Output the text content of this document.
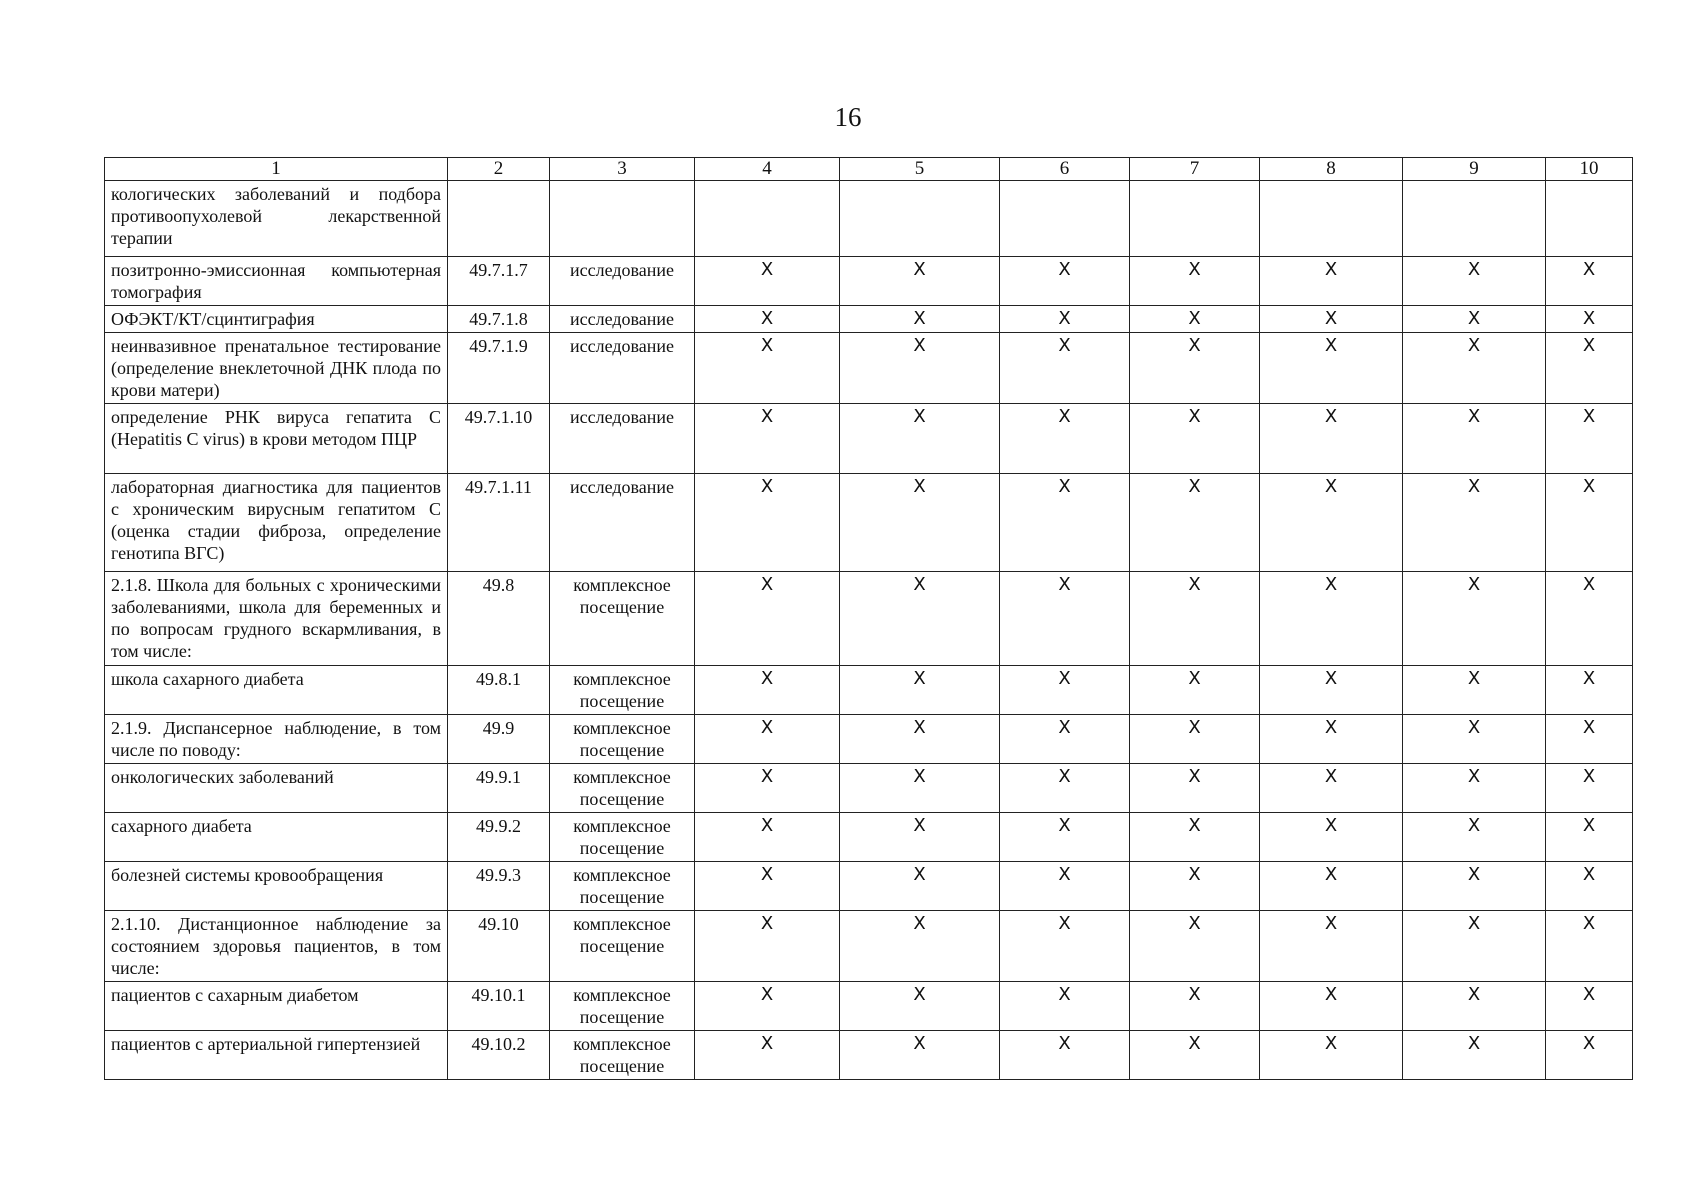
16
1	2	3	4	5	6	7	8	9	10
кологических заболеваний и подбора противоопухолевой лекарственной терапии									
позитронно-эмиссионная компьютерная томография	49.7.1.7	исследование	X	X	X	X	X	X	X
ОФЭКТ/КТ/сцинтиграфия	49.7.1.8	исследование	X	X	X	X	X	X	X
неинвазивное пренатальное тестирование (определение внеклеточной ДНК плода по крови матери)	49.7.1.9	исследование	X	X	X	X	X	X	X
определение РНК вируса гепатита С (Hepatitis C virus) в крови методом ПЦР	49.7.1.10	исследование	X	X	X	X	X	X	X
лабораторная диагностика для пациентов с хроническим вирусным гепатитом С (оценка стадии фиброза, определение генотипа ВГС)	49.7.1.11	исследование	X	X	X	X	X	X	X
2.1.8. Школа для больных с хроническими заболеваниями, школа для беременных и по вопросам грудного вскармливания, в том числе:	49.8	комплексное посещение	X	X	X	X	X	X	X
школа сахарного диабета	49.8.1	комплексное посещение	X	X	X	X	X	X	X
2.1.9. Диспансерное наблюдение, в том числе по поводу:	49.9	комплексное посещение	X	X	X	X	X	X	X
онкологических заболеваний	49.9.1	комплексное посещение	X	X	X	X	X	X	X
сахарного диабета	49.9.2	комплексное посещение	X	X	X	X	X	X	X
болезней системы кровообращения	49.9.3	комплексное посещение	X	X	X	X	X	X	X
2.1.10. Дистанционное наблюдение за состоянием здоровья пациентов, в том числе:	49.10	комплексное посещение	X	X	X	X	X	X	X
пациентов с сахарным диабетом	49.10.1	комплексное посещение	X	X	X	X	X	X	X
пациентов с артериальной гипертензией	49.10.2	комплексное посещение	X	X	X	X	X	X	X
